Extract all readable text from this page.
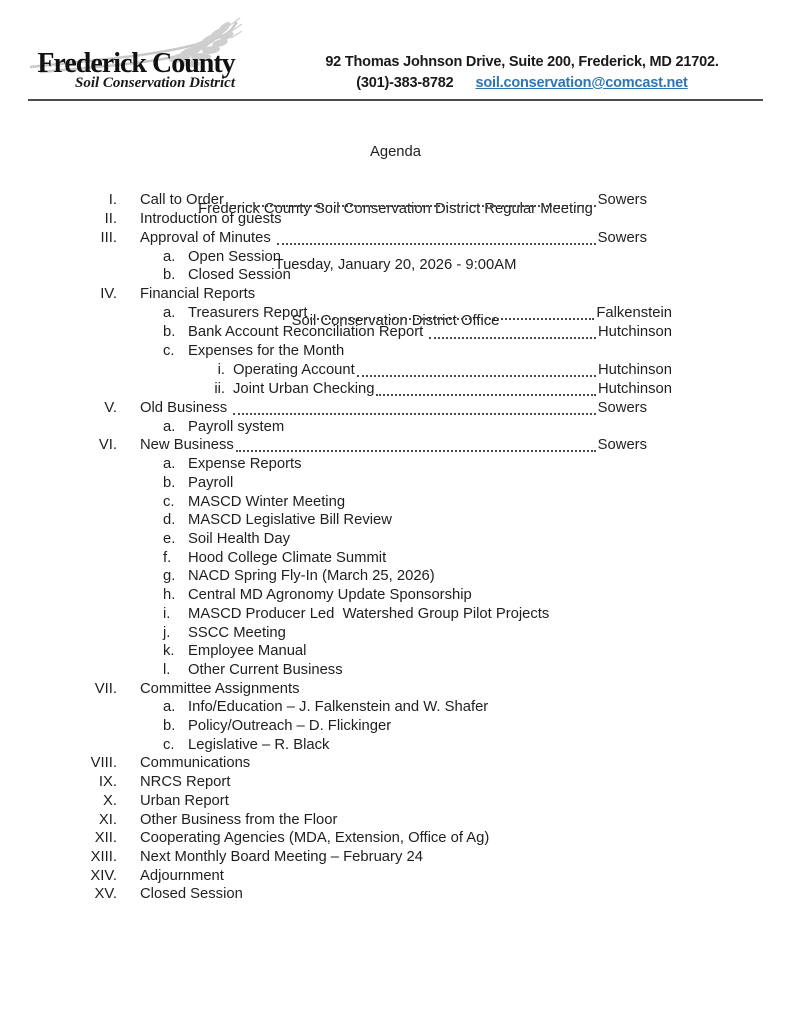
Frederick County
Soil Conservation District
92 Thomas Johnson Drive, Suite 200, Frederick, MD 21702.
(301)-383-8782 soil.conservation@comcast.net

Agenda

Frederick County Soil Conservation District Regular Meeting

Tuesday, January 20, 2026 - 9:00AM

Soil Conservation District Office

I. Call to Order	Sowers
II. Introduction of guests
III. Approval of Minutes	Sowers
a. Open Session
b. Closed Session
IV. Financial Reports
a. Treasurers Report	Falkenstein
b. Bank Account Reconciliation Report	Hutchinson
c. Expenses for the Month
i. Operating Account	Hutchinson
ii. Joint Urban Checking	Hutchinson
V. Old Business	Sowers
a. Payroll system
VI. New Business	Sowers
a. Expense Reports
b. Payroll
c. MASCD Winter Meeting
d. MASCD Legislative Bill Review
e. Soil Health Day
f.	Hood College Climate Summit
g. NACD Spring Fly-In (March 25, 2026)
h. Central MD Agronomy Update Sponsorship
i.	MASCD Producer Led  Watershed Group Pilot Projects
j.	SSCC Meeting
k. Employee Manual
l.	Other Current Business
VII. Committee Assignments
a. Info/Education – J. Falkenstein and W. Shafer
b. Policy/Outreach – D. Flickinger
c. Legislative – R. Black
VIII. Communications
IX. NRCS Report
X. Urban Report
XI. Other Business from the Floor
XII. Cooperating Agencies (MDA, Extension, Office of Ag)
XIII. Next Monthly Board Meeting – February 24
XIV. Adjournment
XV. Closed Session
